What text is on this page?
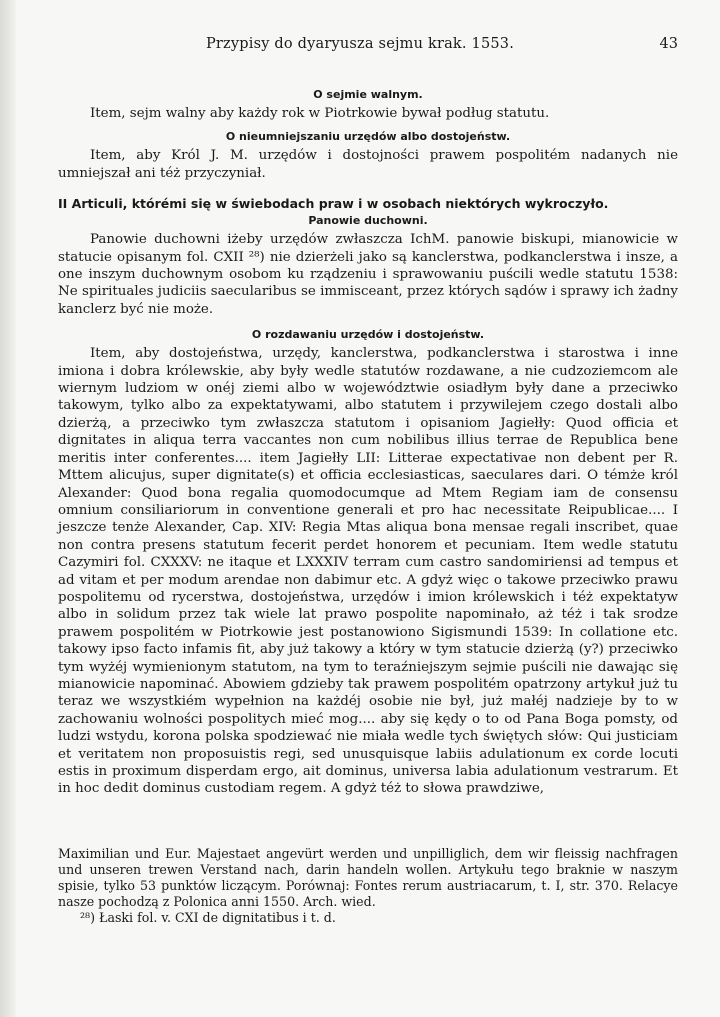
Przypisy do dyaryusza sejmu krak. 1553.	43

O sejmie walnym.

Item, sejm walny aby każdy rok w Piotrkowie bywał podług statutu.

O nieumniejszaniu urzędów albo dostojeństw.

Item, aby Król J. M. urzędów i dostojności prawem pospolitém nadanych nie umniejszał ani téż przyczyniał.

II Articuli, którémi się w świebodach praw i w osobach niektórych wykroczyło.

Panowie duchowni.

Panowie duchowni iżeby urzędów zwłaszcza IchM. panowie biskupi, mianowicie w statucie opisanym fol. CXII ²⁸) nie dzierżeli jako są kanclerstwa, podkanclerstwa i insze, a one inszym duchownym osobom ku rządzeniu i sprawowaniu puścili wedle statutu 1538: Ne spirituales judiciis saecularibus se immisceant, przez których sądów i sprawy ich żadny kanclerz być nie może.

O rozdawaniu urzędów i dostojeństw.

Item, aby dostojeństwa, urzędy, kanclerstwa, podkanclerstwa i starostwa i inne imiona i dobra królewskie, aby były wedle statutów rozdawane, a nie cudzoziemcom ale wiernym ludziom w onéj ziemi albo w województwie osiadłym były dane a przeciwko takowym, tylko albo za expektatywami, albo statutem i przywilejem czego dostali albo dzierżą, a przeciwko tym zwłaszcza statutom i opisaniom Jagiełły: Quod officia et dignitates in aliqua terra vaccantes non cum nobilibus illius terrae de Republica bene meritis inter conferentes.... item Jagiełły LII: Litterae expectativae non debent per R. Mttem alicujus, super dignitate(s) et officia ecclesiasticas, saeculares dari. O témże król Alexander: Quod bona regalia quomodocumque ad Mtem Regiam iam de consensu omnium consiliariorum in conventione generali et pro hac necessitate Reipublicae.... I jeszcze tenże Alexander, Cap. XIV: Regia Mtas aliqua bona mensae regali inscribet, quae non contra presens statutum fecerit perdet honorem et pecuniam. Item wedle statutu Cazymiri fol. CXXXV: ne itaque et LXXXIV terram cum castro sandomiriensi ad tempus et ad vitam et per modum arendae non dabimur etc. A gdyż więc o takowe przeciwko prawu pospolitemu od rycerstwa, dostojeństwa, urzędów i imion królewskich i téż expektatyw albo in solidum przez tak wiele lat prawo pospolite napominało, aż téż i tak srodze prawem pospolitém w Piotrkowie jest postanowiono Sigismundi 1539: In collatione etc. takowy ipso facto infamis fit, aby już takowy a który w tym statucie dzierżą (y?) przeciwko tym wyżéj wymienionym statutom, na tym to teraźniejszym sejmie puścili nie dawając się mianowicie napominać. Abowiem gdzieby tak prawem pospolitém opatrzony artykuł już tu teraz we wszystkiém wypełnion na każdéj osobie nie był, już małéj nadzieje by to w zachowaniu wolności pospolitych mieć mog.... aby się kędy o to od Pana Boga pomsty, od ludzi wstydu, korona polska spodziewać nie miała wedle tych świętych słów: Qui justiciam et veritatem non proposuistis regi, sed unusquisque labiis adulationum ex corde locuti estis in proximum disperdam ergo, ait dominus, universa labia adulationum vestrarum. Et in hoc dedit dominus custodiam regem. A gdyż téż to słowa prawdziwe,

Maximilian und Eur. Majestaet angevürt werden und unpilliglich, dem wir fleissig nachfragen und unseren trewen Verstand nach, darin handeln wollen. Artykułu tego braknie w naszym spisie, tylko 53 punktów liczącym. Porównaj: Fontes rerum austriacarum, t. I, str. 370. Relacye nasze pochodzą z Polonica anni 1550. Arch. wied.

²⁸) Łaski fol. v. CXI de dignitatibus i t. d.
